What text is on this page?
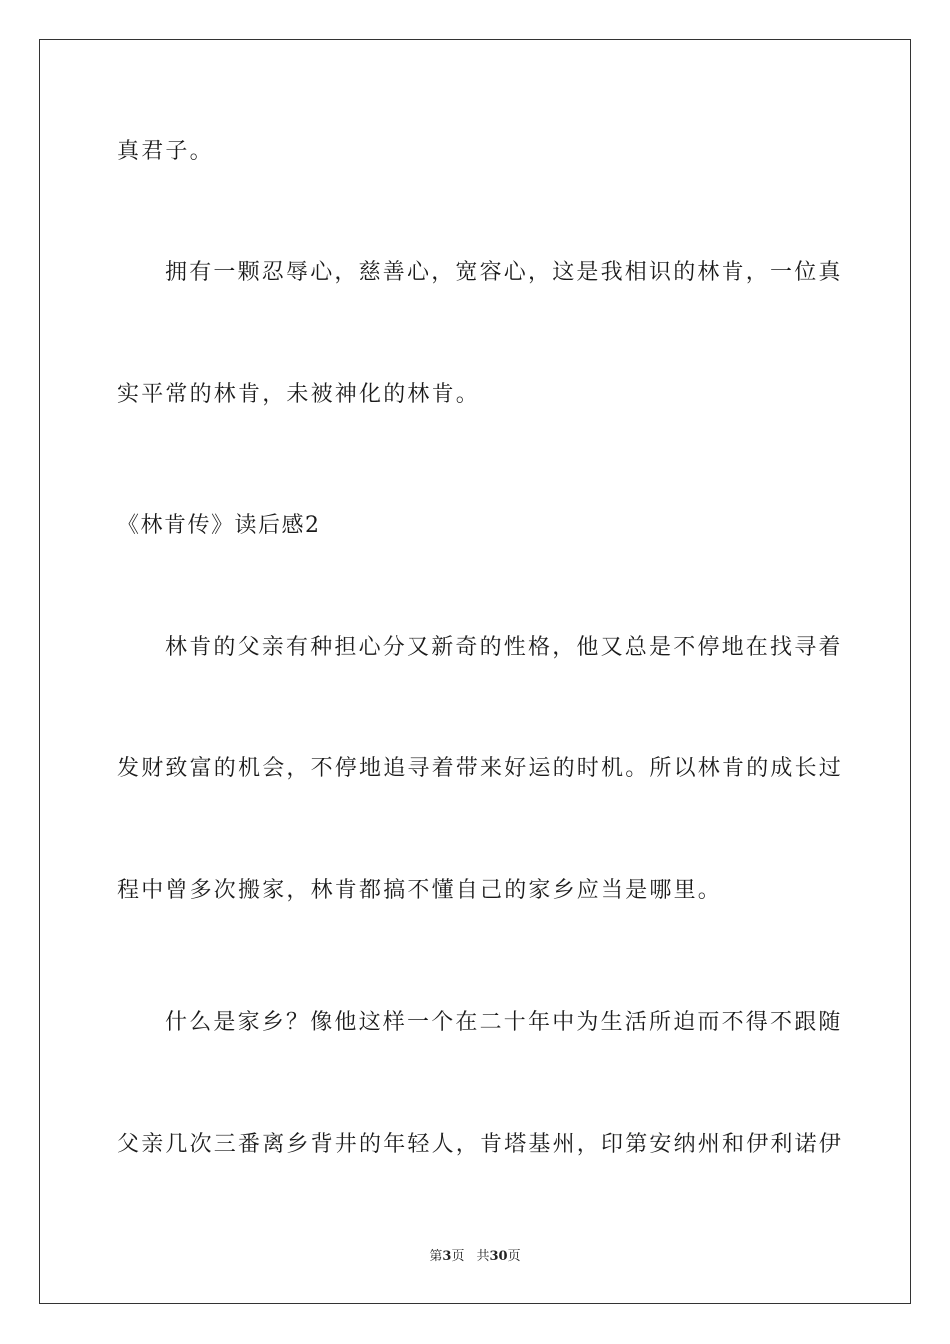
真君子。
拥有一颗忍辱心，慈善心，宽容心，这是我相识的林肯，一位真
实平常的林肯，未被神化的林肯。
《林肯传》读后感2
林肯的父亲有种担心分又新奇的性格，他又总是不停地在找寻着
发财致富的机会，不停地追寻着带来好运的时机。所以林肯的成长过
程中曾多次搬家，林肯都搞不懂自己的家乡应当是哪里。
什么是家乡？像他这样一个在二十年中为生活所迫而不得不跟随
父亲几次三番离乡背井的年轻人，肯塔基州，印第安纳州和伊利诺伊
第3页 共30页
